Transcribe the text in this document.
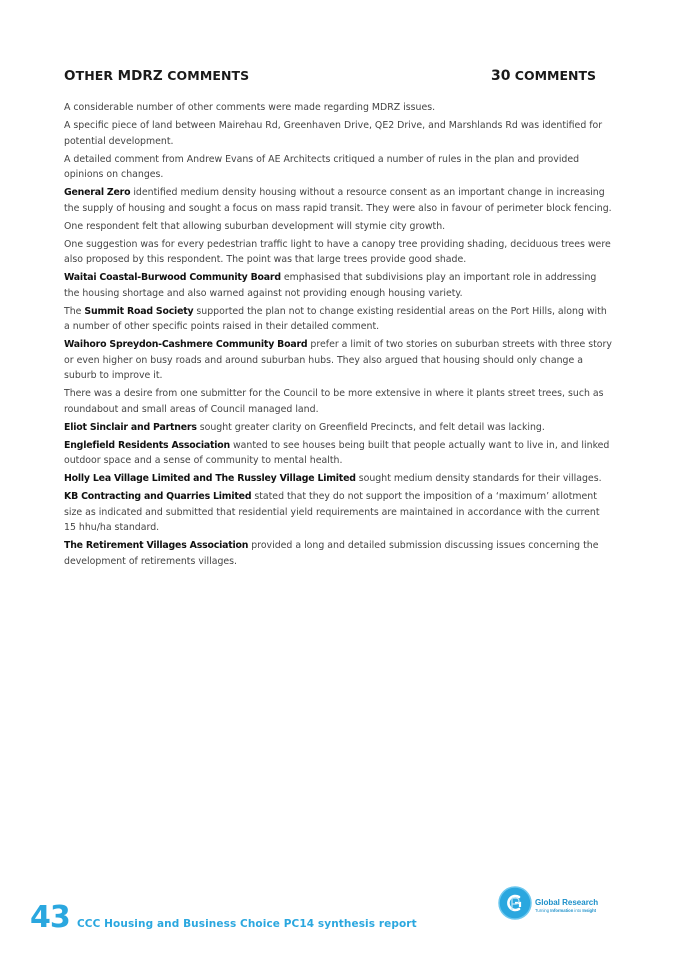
OTHER MDRZ COMMENTS	30 COMMENTS

A considerable number of other comments were made regarding MDRZ issues.

A specific piece of land between Mairehau Rd, Greenhaven Drive, QE2 Drive, and Marshlands Rd was identified for potential development.

A detailed comment from Andrew Evans of AE Architects critiqued a number of rules in the plan and provided opinions on changes.

General Zero identified medium density housing without a resource consent as an important change in increasing the supply of housing and sought a focus on mass rapid transit. They were also in favour of perimeter block fencing.

One respondent felt that allowing suburban development will stymie city growth.

One suggestion was for every pedestrian traffic light to have a canopy tree providing shading, deciduous trees were also proposed by this respondent. The point was that large trees provide good shade.

Waitai Coastal-Burwood Community Board emphasised that subdivisions play an important role in addressing the housing shortage and also warned against not providing enough housing variety.

The Summit Road Society supported the plan not to change existing residential areas on the Port Hills, along with a number of other specific points raised in their detailed comment.

Waihoro Spreydon-Cashmere Community Board prefer a limit of two stories on suburban streets with three story or even higher on busy roads and around suburban hubs. They also argued that housing should only change a suburb to improve it.

There was a desire from one submitter for the Council to be more extensive in where it plants street trees, such as roundabout and small areas of Council managed land.

Eliot Sinclair and Partners sought greater clarity on Greenfield Precincts, and felt detail was lacking.

Englefield Residents Association wanted to see houses being built that people actually want to live in, and linked outdoor space and a sense of community to mental health.

Holly Lea Village Limited and The Russley Village Limited sought medium density standards for their villages.

KB Contracting and Quarries Limited stated that they do not support the imposition of a ‘maximum’ allotment size as indicated and submitted that residential yield requirements are maintained in accordance with the current 15 hhu/ha standard.

The Retirement Villages Association provided a long and detailed submission discussing issues concerning the development of retirements villages.

Global Research
Turning Information into Insight
43 CCC Housing and Business Choice PC14 synthesis report
